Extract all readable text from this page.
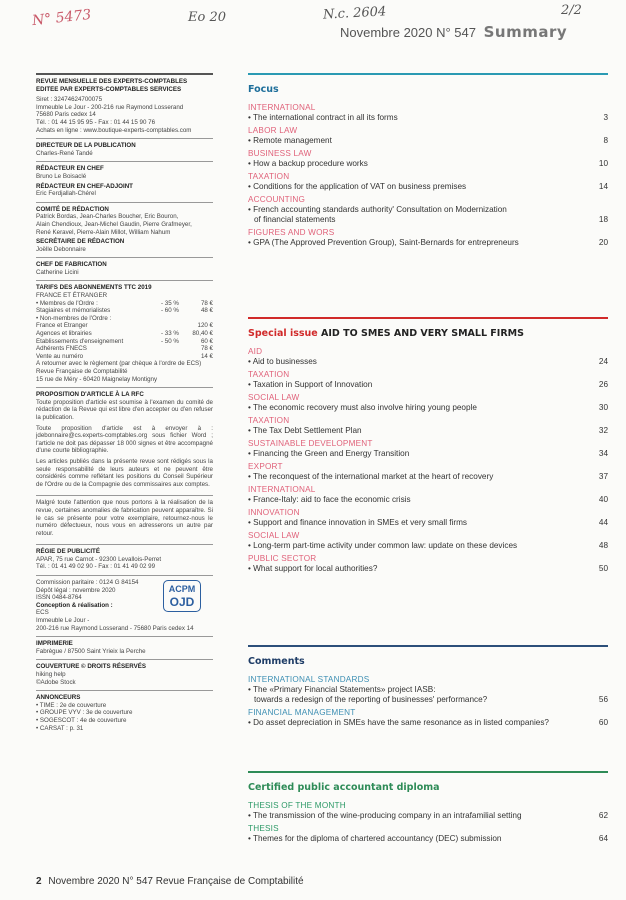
N° 5473	Eo 20	N.c. 2604	2/2
Novembre 2020 N° 547 Summary
REVUE MENSUELLE DES EXPERTS-COMPTABLES
ÉDITÉE PAR EXPERTS-COMPTABLES SERVICES
Siret : 32474624700075
Immeuble Le Jour - 200-216 rue Raymond Losserand
75680 Paris cedex 14
Tél. : 01 44 15 95 95 - Fax : 01 44 15 90 76
Achats en ligne : www.boutique-experts-comptables.com
DIRECTEUR DE LA PUBLICATION
Charles-René Tandé
RÉDACTEUR EN CHEF
Bruno Le Boisaclé
RÉDACTEUR EN CHEF-ADJOINT
Eric Ferdjallah-Chérel
COMITÉ DE RÉDACTION
Patrick Bordas, Jean-Charles Boucher, Eric Bouron,
Alain Chendioux, Jean-Michel Gaudin, Pierre Grafmeyer,
René Keravel, Pierre-Alain Millot, William Nahum
SECRÉTAIRE DE RÉDACTION
Joëlle Debonnaire
CHEF DE FABRICATION
Catherine Licini
TARIFS DES ABONNEMENTS TTC 2019
FRANCE ET ÉTRANGER
• Membres de l'Ordre :	- 35 %	78 €
Stagiaires et mémorialistes	- 60 %	48 €
• Non-membres de l'Ordre :
France et Étranger	120 €
Agences et librairies	- 33 %	80,40 €
Établissements d'enseignement	- 50 %	60 €
Adhérents FNECS	78 €
Vente au numéro	14 €
À retourner avec le règlement (par chèque à l'ordre de ECS)
Revue Française de Comptabilité
15 rue de Méry - 60420 Maignelay Montigny
PROPOSITION D'ARTICLE À LA RFC

Toute proposition d'article est soumise à l'examen du comité de rédaction de la Revue qui est libre d'en accepter ou d'en refuser la publication.

Toute proposition d'article est à envoyer à : jdebonnaire@cs.experts-comptables.org sous fichier Word ; l'article ne doit pas dépasser 18 000 signes et être accompagné d'une courte bibliographie.

Les articles publiés dans la présente revue sont rédigés sous la seule responsabilité de leurs auteurs et ne peuvent être considérés comme reflétant les positions du Conseil Supérieur de l'Ordre ou de la Compagnie des commissaires aux comptes.

Malgré toute l'attention que nous portons à la réalisation de la revue, certaines anomalies de fabrication peuvent apparaître. Si le cas se présente pour votre exemplaire, retournez-nous le numéro défectueux, nous vous en adresserons un autre par retour.

RÉGIE DE PUBLICITÉ
APAR, 75 rue Carnot - 92300 Levallois-Perret
Tél. : 01 41 49 02 90 - Fax : 01 41 49 02 99
ACPM
OJD
Commission paritaire : 0124 G 84154
Dépôt légal : novembre 2020
ISSN 0484-8764
Conception & réalisation :
ECS
Immeuble Le Jour -
200-216 rue Raymond Losserand - 75680 Paris cedex 14
IMPRIMERIE
Fabrègue / 87500 Saint Yrieix la Perche
COUVERTURE © DROITS RÉSERVÉS
hiking help
©Adobe Stock
ANNONCEURS
• TIME : 2e de couverture
• GROUPE VYV : 3e de couverture
• SOGESCOT : 4e de couverture
• CARSAT : p. 31
Focus
INTERNATIONAL
• The international contract in all its forms	3
LABOR LAW
• Remote management	8
BUSINESS LAW
• How a backup procedure works	10
TAXATION
• Conditions for the application of VAT on business premises	14
ACCOUNTING
• French accounting standards authority' Consultation on Modernization
of financial statements	18
FIGURES AND WORS
• GPA (The Approved Prevention Group), Saint-Bernards for entrepreneurs	20
Special issue AID TO SMES AND VERY SMALL FIRMS
AID
• Aid to businesses	24
TAXATION
• Taxation in Support of Innovation	26
SOCIAL LAW
• The economic recovery must also involve hiring young people	30
TAXATION
• The Tax Debt Settlement Plan	32
SUSTAINABLE DEVELOPMENT
• Financing the Green and Energy Transition	34
EXPORT
• The reconquest of the international market at the heart of recovery	37
INTERNATIONAL
• France-Italy: aid to face the economic crisis	40
INNOVATION
• Support and finance innovation in SMEs et very small firms	44
SOCIAL LAW
• Long-term part-time activity under common law: update on these devices	48
PUBLIC SECTOR
• What support for local authorities?	50
Comments
INTERNATIONAL STANDARDS
• The «Primary Financial Statements» project IASB:
towards a redesign of the reporting of businesses' performance?	56
FINANCIAL MANAGEMENT
• Do asset depreciation in SMEs have the same resonance as in listed companies?	60
Certified public accountant diploma
THESIS OF THE MONTH
• The transmission of the wine-producing company in an intrafamilial setting	62
THESIS
• Themes for the diploma of chartered accountancy (DEC) submission	64
2 Novembre 2020 N° 547 Revue Française de Comptabilité
